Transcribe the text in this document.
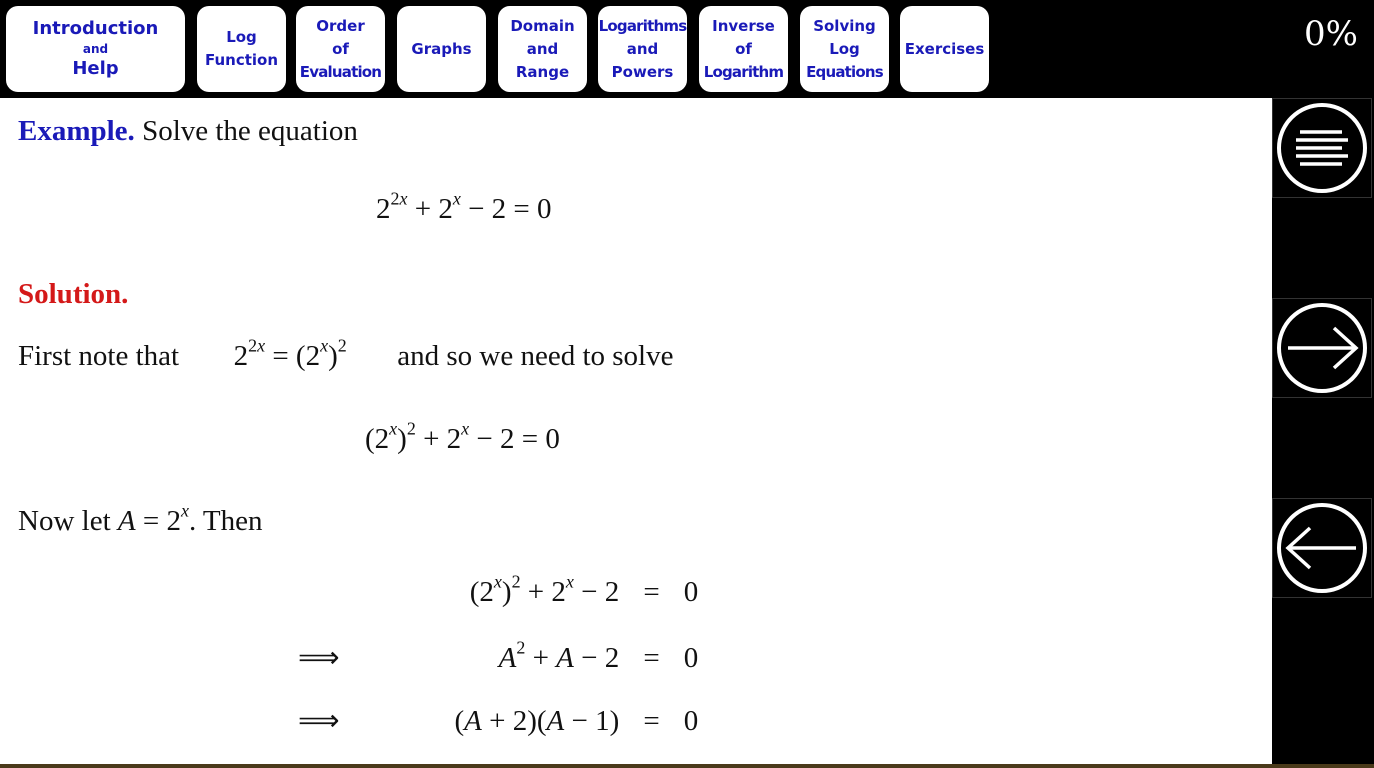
Introduction
and
Help
Log
Function
Order
of
Evaluation
Graphs
Domain
and
Range
Logarithms
and
Powers
Inverse
of
Logarithm
Solving
Log
Equations
Exercises	0%
Example. Solve the equation
$2^{2x} + 2^x - 2 = 0$
Solution.
First note that $2^{2x} = (2^x)^2$ and so we need to solve
$(2^x)^2 + 2^x - 2 = 0$
Now let $A = 2^x$. Then
$(2^x)^2 + 2^x - 2 = 0$
⟹	$A^2 + A - 2 = 0$
⟹	(A + 2)(A − 1) = 0
